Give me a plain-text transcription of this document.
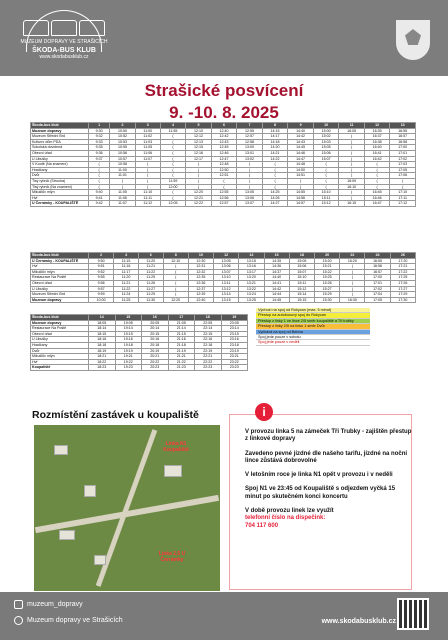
MUZEUM DOPRAVY VE STRAŠICÍCH
ŠKODA-BUS KLUB
www.skodabusklub.cz
Strašické posvícení
9. -10. 8. 2025
Škoda-bus klub	1	2	3	4	5	6	7	8	9	10	11	12	13
Muzeum dopravy	9:30	10:50	11:00	11:55	12:10	12:40	12:55	14:15	14:40	15:00	16:05	16:35	16:55
Muzeum Střední Brd	9:32	10:52	11:02	(	12:12	12:42	12:57	14:17	14:42	15:02	(	16:37	16:57
Kulturní dům PDA	9:33	10:53	11:03	(	12:13	12:43	12:58	14:18	14:43	15:03	(	16:38	16:58
Sokolská dovolená	9:35	10:55	11:05	(	12:15	12:45	13:00	14:20	14:45	15:05	(	16:40	17:00
Obecní úřad	9:36	10:56	11:06	(	12:16	12:46	13:01	14:21	14:46	15:06	(	16:41	17:01
U Libušky	9:37	10:57	11:07	(	12:17	12:47	13:02	14:22	14:47	15:07	(	16:42	17:02
V Koutě (Na znamení)	(	10:58	(	(	(	12:48	(	(	14:48	(	(	(	17:03
Hradčany	(	11:00	(	(	(	12:50	(	(	14:50	(	(	(	17:05
Dvůr	(	11:01	(	(	(	12:51	(	(	14:51	(	(	(	17:06
Tisý rybník (Strouha)	(	(	(	11:59	(	(	(	(	(	(	16:09	(	(
Tisý rybník (Na znamení)	(	(	(	12:00	(	(	(	(	(	(	16:10	(	(
Mikulčův mlýn	9:40	11:05	11:10	(	12:20	12:55	13:05	14:25	14:55	15:10	(	16:45	17:10
Hvř	9:41	11:06	11:11	(	12:21	12:56	13:06	14:26	14:56	15:11	(	16:46	17:11
U Čerrámky - KOUPALIŠTĚ	9:42	11:07	11:12	12:05	12:22	12:57	13:07	14:27	14:57	15:12	16:15	16:47	17:12
Škoda-bus klub	2	4	6	8	10	12	14	16	18	20	22	24	26
U Čerrámky - KOUPALIŠTĚ	9:50	11:15	11:20	12:10	12:30	13:05	13:15	14:35	15:05	15:20	16:20	16:55	17:20
Hvř	9:51	11:16	11:21	(	12:31	13:06	13:16	14:36	15:06	15:21	(	16:56	17:21
Mikulčův mlýn	9:52	11:17	11:22	(	12:32	13:07	13:17	14:37	15:07	15:22	(	16:57	17:22
Restaurace Na Poště	9:55	11:20	11:25	(	12:35	13:10	13:20	14:40	15:10	15:25	(	17:00	17:25
Obecní úřad	9:56	11:21	11:26	(	12:36	13:11	13:21	14:41	15:11	15:26	(	17:01	17:26
U Libušky	9:57	11:22	11:27	(	12:37	13:12	13:22	14:42	15:12	15:27	(	17:02	17:27
Muzeum Střední Brd	9:59	11:24	11:29	(	12:39	13:14	13:24	14:44	15:14	15:29	(	17:04	17:29
Muzeum dopravy	10:00	11:25	11:30	12:20	12:40	13:15	13:25	14:45	15:15	15:30	16:30	17:05	17:30
Škoda-bus klub	14	15	16	17	18	19
Muzeum dopravy	18:05	19:05	20:05	21:05	22:05	23:05
Restaurace Na Poště	18:14	19:14	20:14	21:14	22:14	23:14
Obecní úřad	18:15	19:15	20:15	21:15	22:15	23:15
U Libušky	18:16	19:16	20:16	21:16	22:16	23:16
Hradčany	18:18	19:18	20:18	21:18	22:18	23:18
Dvůr	18:19	19:19	20:19	21:19	22:19	23:19
Mikulčův mlýn	18:21	19:21	20:21	21:21	22:21	23:21
Hvř	18:22	19:22	20:22	21:22	22:22	23:22
Koupaliště	18:23	19:23	20:23	21:23	22:23	23:23
Výchozí na spoj od Rokycan (max. 5 minut)
Přestup na autobusový spoj do Rokycan
Přestup z linky 1 ve lince 2/5 směr koupaliště a Tři trubky
Přestup z linky 2/5 na linku 1 směr Dvůr
Vyčkává na spoj od Bahna
Spoj jede pouze v sobotu
Spoj jede pouze v neděli
Rozmístění zastávek u koupaliště
Linka N1 Koupaliště
Linka 2,5 U Čerrámky
i

V provozu linka 5 na zámeček Tři Trubky - zajištěn přestup z linkové dopravy

Zavedeno pevné jízdné dle našeho tarifu, jízdné na noční lince zůstává dobrovolné

V letošním roce je linka N1 opět v provozu i v neděli

Spoj N1 ve 23:45 od Koupaliště s odjezdem vyčká 15 minut po skutečném konci koncertu

V době provozu linek lze využít
telefonní číslo na dispečink:
704 117 600

muzeum_dopravy
Muzeum dopravy ve Strašicích	www.skodabusklub.cz
